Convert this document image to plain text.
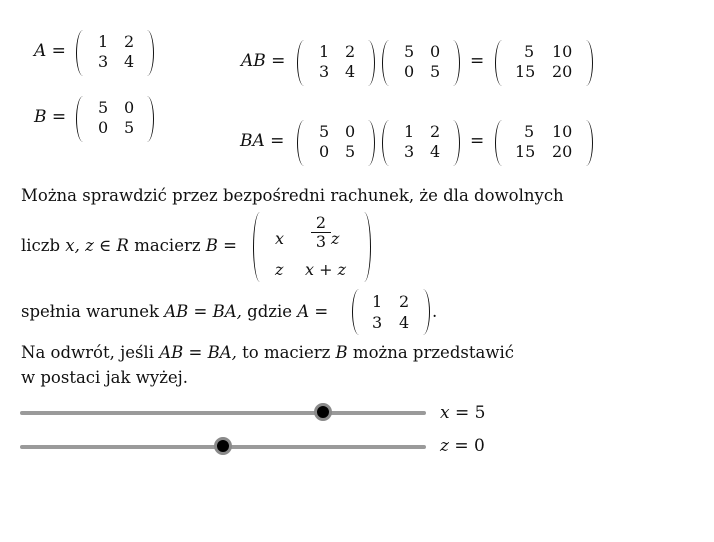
A = 1 2
3 4
B = 5 0
0 5
AB = 1 2
3 4
5 0
0 5
= 5 10
15 20
BA = 5 0
0 5
1 2
3 4
= 5 10
15 20
Można sprawdzić przez bezpośredni rachunek, że dla dowolnych
liczb x, z ∈ R macierz B = x $\frac{2}{3}$ z
z x + z
spełnia warunek AB = BA, gdzie A =
1 2
3 4
.
Na odwrót, jeśli AB = BA, to macierz B można przedstawić
w postaci jak wyżej.
x = 5
z = 0
